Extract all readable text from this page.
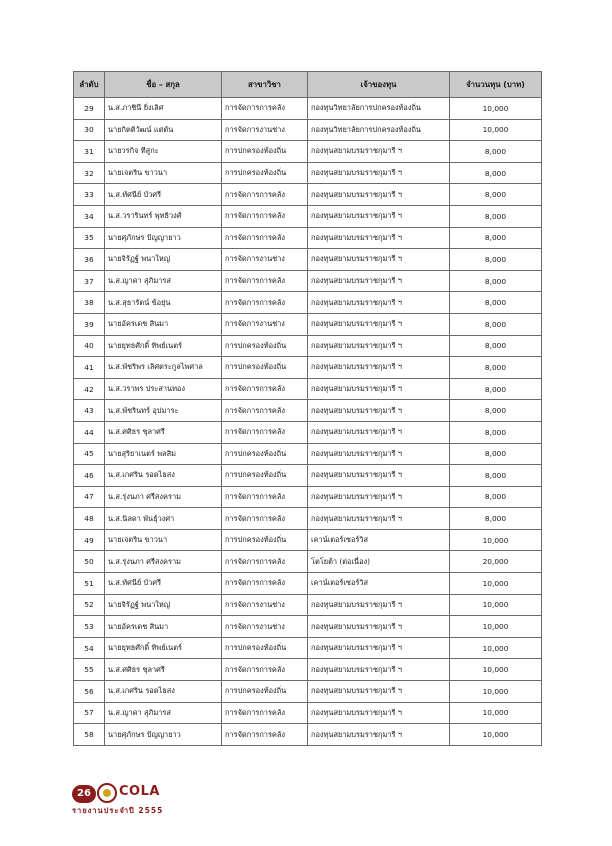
ลำดับ	ชื่อ – สกุล	สาขาวิชา	เจ้าของทุน	จำนวนทุน (บาท)
29	น.ส.ภาชินี ยิ่งเลิศ	การจัดการการคลัง	กองทุนวิทยาลัยการปกครองท้องถิ่น	10,000
30	นายกิตติวัฒน์ แต่ตัน	การจัดการงานช่าง	กองทุนวิทยาลัยการปกครองท้องถิ่น	10,000
31	นายวรกิจ ทีสูกะ	การปกครองท้องถิ่น	กองทุนสยามบรมราชกุมารี ฯ	8,000
32	นายเจตริน ขาวนา	การปกครองท้องถิ่น	กองทุนสยามบรมราชกุมารี ฯ	8,000
33	น.ส.ทัศนีย์ บัวศรี	การจัดการการคลัง	กองทุนสยามบรมราชกุมารี ฯ	8,000
34	น.ส.วรารินทร์ พุทธิวงศ์	การจัดการการคลัง	กองทุนสยามบรมราชกุมารี ฯ	8,000
35	นายศุภักษร ปัญญายาว	การจัดการการคลัง	กองทุนสยามบรมราชกุมารี ฯ	8,000
36	นายจิรัฏฐ์ พนาใหญ่	การจัดการงานช่าง	กองทุนสยามบรมราชกุมารี ฯ	8,000
37	น.ส.ญาดา สุภิมารส	การจัดการการคลัง	กองทุนสยามบรมราชกุมารี ฯ	8,000
38	น.ส.สุธารัตน์ ข้อยุ่น	การจัดการการคลัง	กองทุนสยามบรมราชกุมารี ฯ	8,000
39	นายอัครเดช สินมา	การจัดการงานช่าง	กองทุนสยามบรมราชกุมารี ฯ	8,000
40	นายยุทธศักดิ์ ทิพย์เนตร์	การปกครองท้องถิ่น	กองทุนสยามบรมราชกุมารี ฯ	8,000
41	น.ส.พัชริพร เลิศตระกูลไพศาล	การปกครองท้องถิ่น	กองทุนสยามบรมราชกุมารี ฯ	8,000
42	น.ส.วราพร ประสานทอง	การจัดการการคลัง	กองทุนสยามบรมราชกุมารี ฯ	8,000
43	น.ส.พัชรินทร์ อุปมาระ	การจัดการการคลัง	กองทุนสยามบรมราชกุมารี ฯ	8,000
44	น.ส.ศศิธร ชุลาศรี	การจัดการการคลัง	กองทุนสยามบรมราชกุมารี ฯ	8,000
45	นายสุริยาเนตร์ พลสิม	การปกครองท้องถิ่น	กองทุนสยามบรมราชกุมารี ฯ	8,000
46	น.ส.เกศริน รอดไธสง	การปกครองท้องถิ่น	กองทุนสยามบรมราชกุมารี ฯ	8,000
47	น.ส.รุ่งนภา ศรีสงคราม	การจัดการการคลัง	กองทุนสยามบรมราชกุมารี ฯ	8,000
48	น.ส.นิลดา พันธุ์วงศา	การจัดการการคลัง	กองทุนสยามบรมราชกุมารี ฯ	8,000
49	นายเจตริน ขาวนา	การปกครองท้องถิ่น	เคาน์เตอร์เซอร์วิส	10,000
50	น.ส.รุ่งนภา ศรีสงคราม	การจัดการการคลัง	โตโยต้า (ต่อเนื่อง)	20,000
51	น.ส.ทัศนีย์ บัวศรี	การจัดการการคลัง	เคาน์เตอร์เซอร์วิส	10,000
52	นายจิรัฏฐ์ พนาใหญ่	การจัดการงานช่าง	กองทุนสยามบรมราชกุมารี ฯ	10,000
53	นายอัครเดช สินมา	การจัดการงานช่าง	กองทุนสยามบรมราชกุมารี ฯ	10,000
54	นายยุทธศักดิ์ ทิพย์เนตร์	การปกครองท้องถิ่น	กองทุนสยามบรมราชกุมารี ฯ	10,000
55	น.ส.ศศิธร ชุลาศรี	การจัดการการคลัง	กองทุนสยามบรมราชกุมารี ฯ	10,000
56	น.ส.เกศริน รอดไธสง	การปกครองท้องถิ่น	กองทุนสยามบรมราชกุมารี ฯ	10,000
57	น.ส.ญาดา สุภิมารส	การจัดการการคลัง	กองทุนสยามบรมราชกุมารี ฯ	10,000
58	นายศุภักษร ปัญญายาว	การจัดการการคลัง	กองทุนสยามบรมราชกุมารี ฯ	10,000
26	COLA
รายงานประจำปี 2555
